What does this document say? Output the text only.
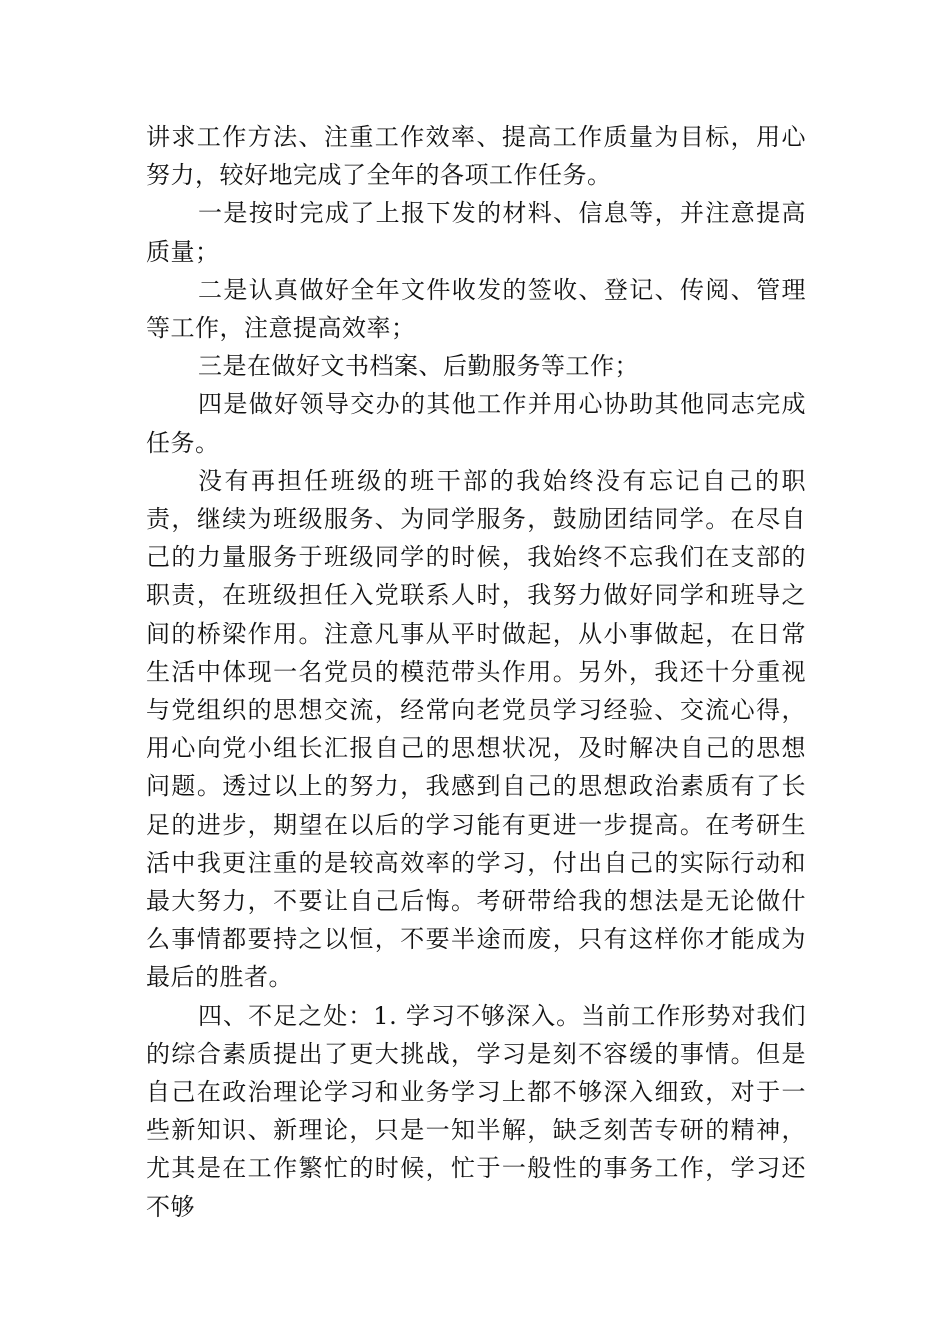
讲求工作方法、注重工作效率、提高工作质量为目标，用心努力，较好地完成了全年的各项工作任务。

一是按时完成了上报下发的材料、信息等，并注意提高质量；

二是认真做好全年文件收发的签收、登记、传阅、管理等工作，注意提高效率；

三是在做好文书档案、后勤服务等工作；

四是做好领导交办的其他工作并用心协助其他同志完成任务。

没有再担任班级的班干部的我始终没有忘记自己的职责，继续为班级服务、为同学服务，鼓励团结同学。在尽自己的力量服务于班级同学的时候，我始终不忘我们在支部的职责，在班级担任入党联系人时，我努力做好同学和班导之间的桥梁作用。注意凡事从平时做起，从小事做起，在日常生活中体现一名党员的模范带头作用。另外，我还十分重视与党组织的思想交流，经常向老党员学习经验、交流心得，用心向党小组长汇报自己的思想状况，及时解决自己的思想问题。透过以上的努力，我感到自己的思想政治素质有了长足的进步，期望在以后的学习能有更进一步提高。在考研生活中我更注重的是较高效率的学习，付出自己的实际行动和最大努力，不要让自己后悔。考研带给我的想法是无论做什么事情都要持之以恒，不要半途而废，只有这样你才能成为最后的胜者。

四、不足之处：1. 学习不够深入。当前工作形势对我们的综合素质提出了更大挑战，学习是刻不容缓的事情。但是自己在政治理论学习和业务学习上都不够深入细致，对于一些新知识、新理论，只是一知半解，缺乏刻苦专研的精神，尤其是在工作繁忙的时候，忙于一般性的事务工作，学习还不够
